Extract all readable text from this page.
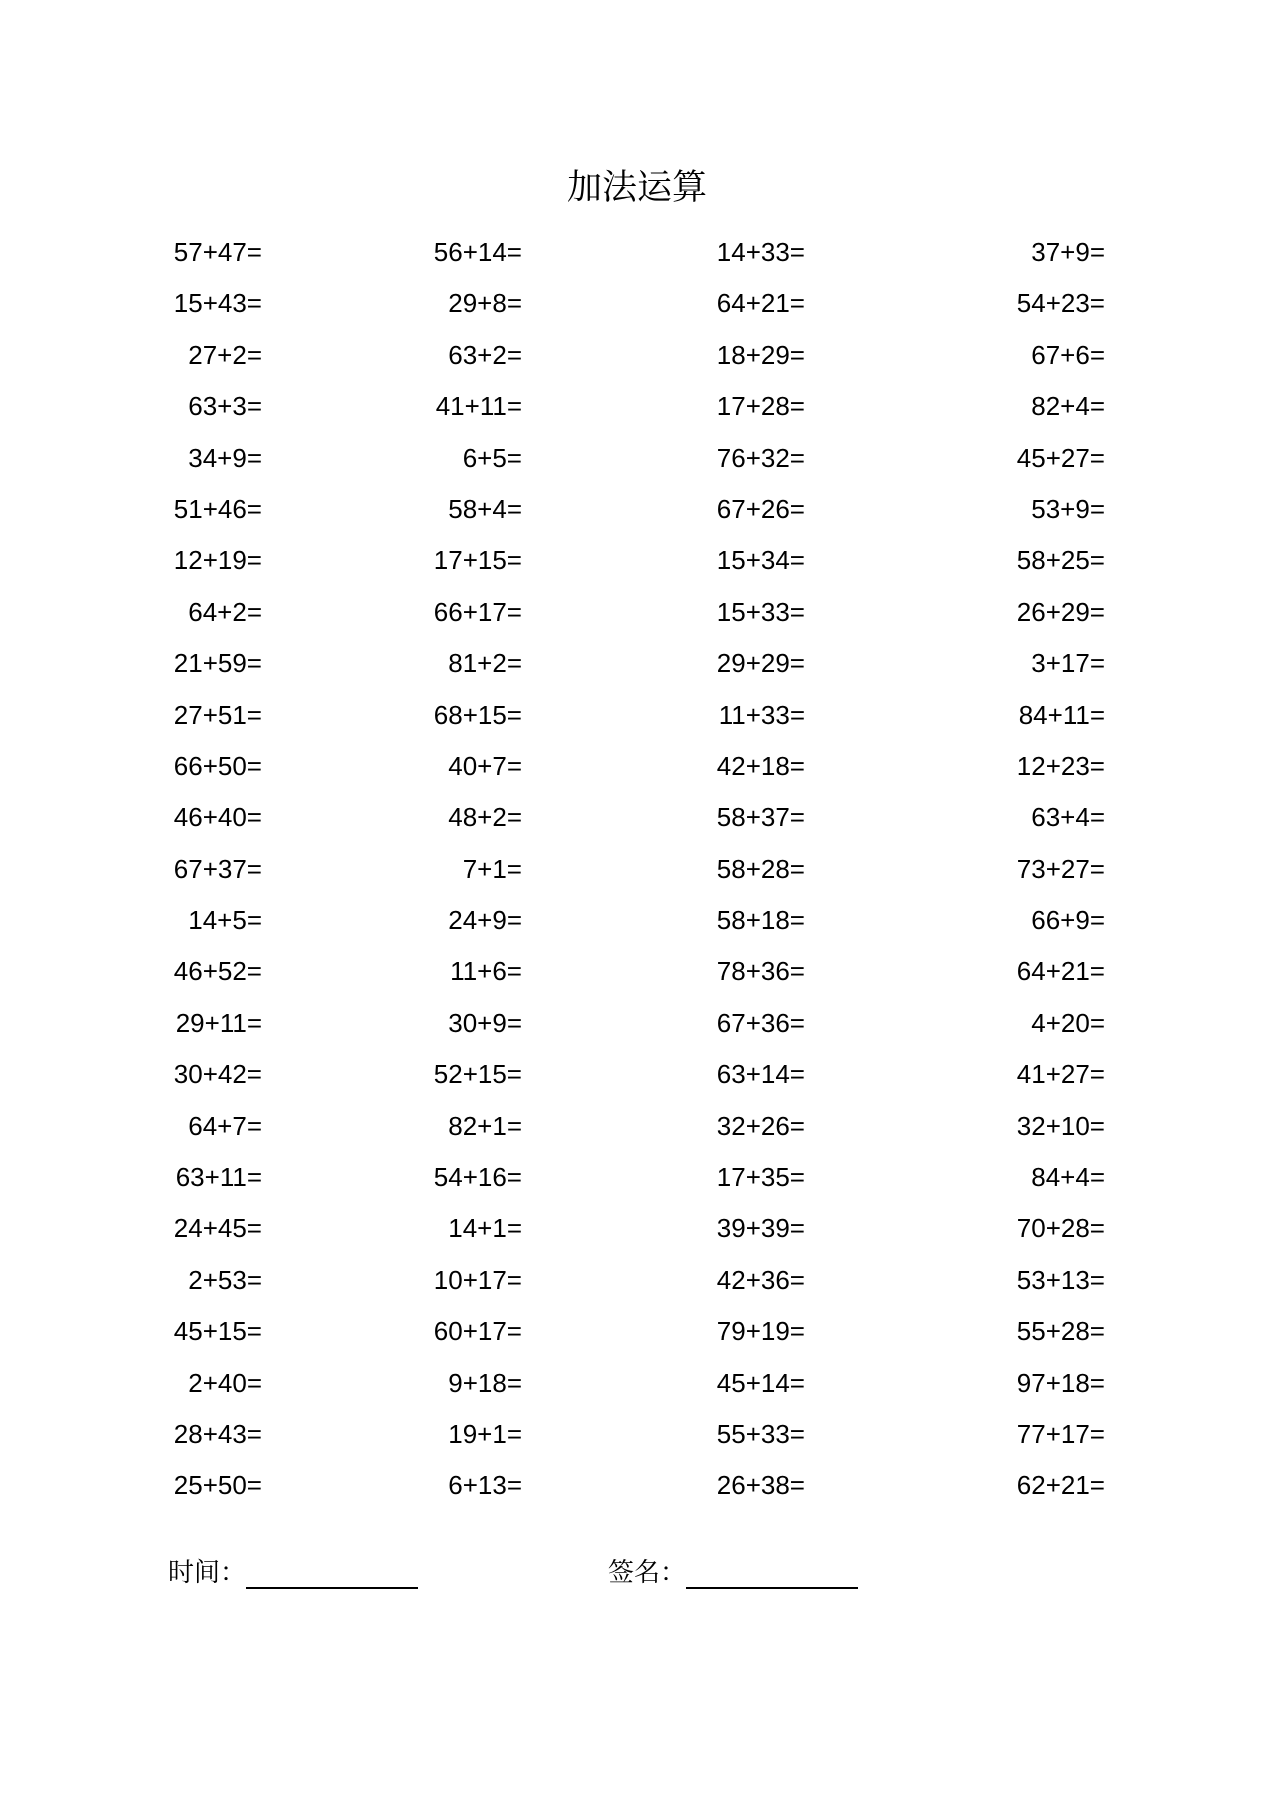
加法运算
57+47=
15+43=
27+2=
63+3=
34+9=
51+46=
12+19=
64+2=
21+59=
27+51=
66+50=
46+40=
67+37=
14+5=
46+52=
29+11=
30+42=
64+7=
63+11=
24+45=
2+53=
45+15=
2+40=
28+43=
25+50=
56+14=
29+8=
63+2=
41+11=
6+5=
58+4=
17+15=
66+17=
81+2=
68+15=
40+7=
48+2=
7+1=
24+9=
11+6=
30+9=
52+15=
82+1=
54+16=
14+1=
10+17=
60+17=
9+18=
19+1=
6+13=
14+33=
64+21=
18+29=
17+28=
76+32=
67+26=
15+34=
15+33=
29+29=
11+33=
42+18=
58+37=
58+28=
58+18=
78+36=
67+36=
63+14=
32+26=
17+35=
39+39=
42+36=
79+19=
45+14=
55+33=
26+38=
37+9=
54+23=
67+6=
82+4=
45+27=
53+9=
58+25=
26+29=
3+17=
84+11=
12+23=
63+4=
73+27=
66+9=
64+21=
4+20=
41+27=
32+10=
84+4=
70+28=
53+13=
55+28=
97+18=
77+17=
62+21=
时间：	签名：
